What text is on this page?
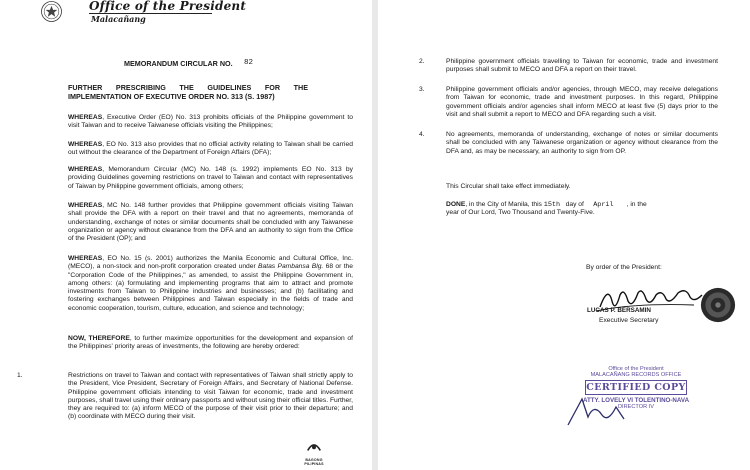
Office of the President
Malacañang
MEMORANDUM CIRCULAR NO. 82
FURTHER PRESCRIBING THE GUIDELINES FOR THE IMPLEMENTATION OF EXECUTIVE ORDER NO. 313 (S. 1987)

WHEREAS, Executive Order (EO) No. 313 prohibits officials of the Philippine government to visit Taiwan and to receive Taiwanese officials visiting the Philippines;

WHEREAS, EO No. 313 also provides that no official activity relating to Taiwan shall be carried out without the clearance of the Department of Foreign Affairs (DFA);

WHEREAS, Memorandum Circular (MC) No. 148 (s. 1992) implements EO No. 313 by providing Guidelines governing restrictions on travel to Taiwan and contact with representatives of Taiwan by Philippine government officials, among others;

WHEREAS, MC No. 148 further provides that Philippine government officials visiting Taiwan shall provide the DFA with a report on their travel and that no agreements, memoranda of understanding, exchange of notes or similar documents shall be concluded with any Taiwanese organization or agency without clearance from the DFA and an authority to sign from the Office of the President (OP); and

WHEREAS, EO No. 15 (s. 2001) authorizes the Manila Economic and Cultural Office, Inc. (MECO), a non-stock and non-profit corporation created under Batas Pambansa Blg. 68 or the "Corporation Code of the Philippines," as amended, to assist the Philippine Government in, among others: (a) formulating and implementing programs that aim to attract and promote investments from Taiwan to Philippine industries and businesses; and (b) facilitating and fostering exchanges between Philippines and Taiwan especially in the fields of trade and economic cooperation, tourism, culture, education, and science and technology;

NOW, THEREFORE, to further maximize opportunities for the development and expansion of the Philippines' priority areas of investments, the following are hereby ordered:

1.	Restrictions on travel to Taiwan and contact with representatives of Taiwan shall strictly apply to the President, Vice President, Secretary of Foreign Affairs, and Secretary of National Defense. Philippine government officials intending to visit Taiwan for economic, trade and investment purposes, shall travel using their ordinary passports and without using their official titles. Further, they are required to: (a) inform MECO of the purpose of their visit prior to their departure; and (b) coordinate with MECO during their visit.

BAGONG PILIPINAS
2.	Philippine government officials travelling to Taiwan for economic, trade and investment purposes shall submit to MECO and DFA a report on their travel.

3.	Philippine government officials and/or agencies, through MECO, may receive delegations from Taiwan for economic, trade and investment purposes. In this regard, Philippine government officials and/or agencies shall inform MECO at least five (5) days prior to the visit and shall submit a report to MECO and DFA regarding such a visit.

4.	No agreements, memoranda of understanding, exchange of notes or similar documents shall be concluded with any Taiwanese organization or agency without clearance from the DFA and, as may be necessary, an authority to sign from OP.

This Circular shall take effect immediately.

DONE, in the City of Manila, this 15th day of April , in the
year of Our Lord, Two Thousand and Twenty-Five.

By order of the President:
LUCAS P. BERSAMIN
Executive Secretary
Office of the President
MALACAÑANG RECORDS OFFICE
CERTIFIED COPY
ATTY. LOVELY VI TOLENTINO-NAVA
DIRECTOR IV
